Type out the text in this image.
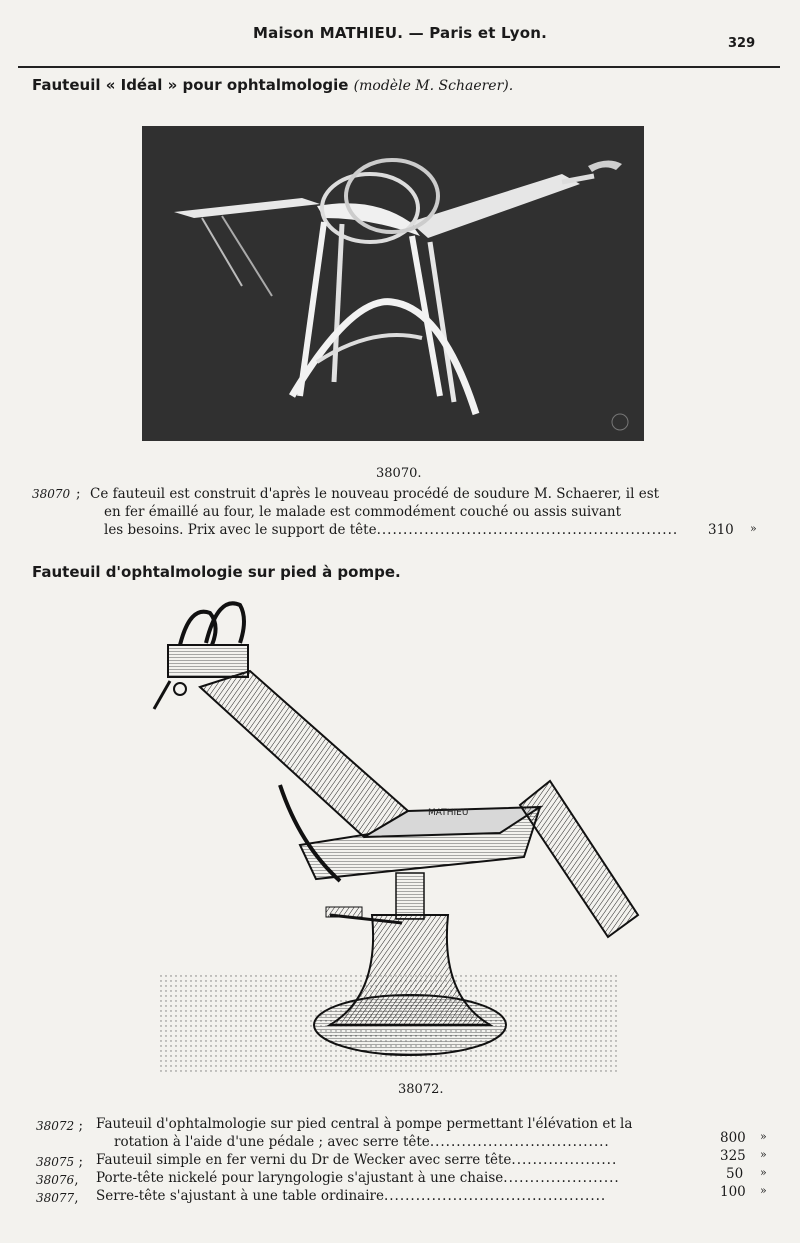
Maison MATHIEU. — Paris et Lyon.
329
Fauteuil « Idéal » pour ophtalmologie (modèle M. Schaerer).
38070.
38070 ; Ce fauteuil est construit d'après le nouveau procédé de soudure M. Schaerer, il est
en fer émaillé au four, le malade est commodément couché ou assis suivant
les besoins. Prix avec le support de tête......................................................... 310 »
Fauteuil d'ophtalmologie sur pied à pompe.
MATHIEU
38072.
38072 ; Fauteuil d'ophtalmologie sur pied central à pompe permettant l'élévation et la
rotation à l'aide d'une pédale ; avec serre tête..................................	800 »
38075 ; Fauteuil simple en fer verni du Dr de Wecker avec serre tête....................	325 »
38076, Porte-tête nickelé pour laryngologie s'ajustant à une chaise......................	50 »
38077, Serre-tête s'ajustant à une table ordinaire..........................................	100 »
